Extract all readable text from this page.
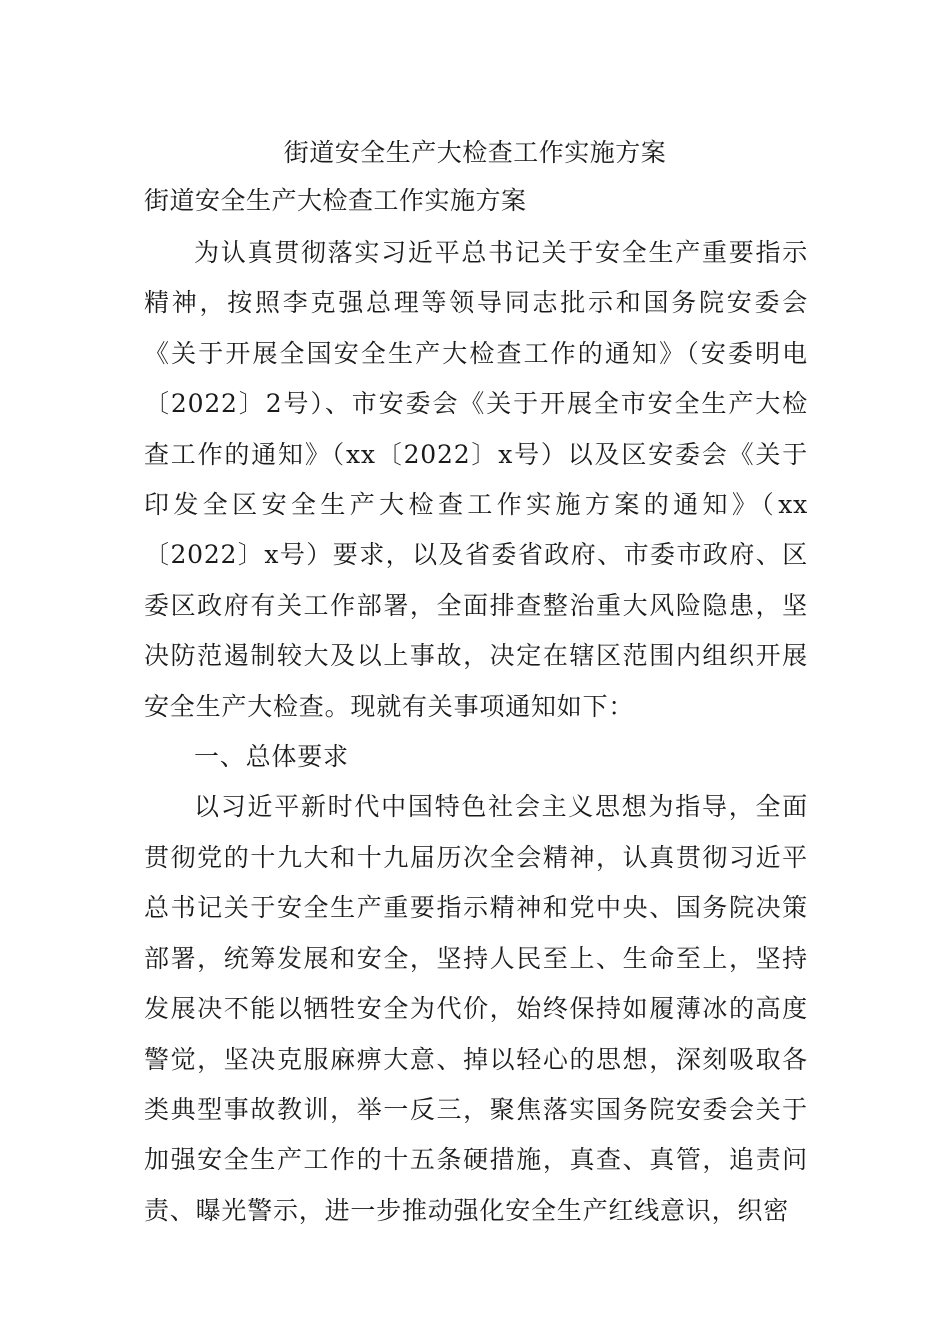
街道安全生产大检查工作实施方案
街道安全生产大检查工作实施方案

为认真贯彻落实习近平总书记关于安全生产重要指示精神，按照李克强总理等领导同志批示和国务院安委会《关于开展全国安全生产大检查工作的通知》（安委明电〔2022〕2号）、市安委会《关于开展全市安全生产大检查工作的通知》（xx〔2022〕x号）以及区安委会《关于印发全区安全生产大检查工作实施方案的通知》（xx〔2022〕x号）要求，以及省委省政府、市委市政府、区委区政府有关工作部署，全面排查整治重大风险隐患，坚决防范遏制较大及以上事故，决定在辖区范围内组织开展安全生产大检查。现就有关事项通知如下：

一、总体要求

以习近平新时代中国特色社会主义思想为指导，全面贯彻党的十九大和十九届历次全会精神，认真贯彻习近平总书记关于安全生产重要指示精神和党中央、国务院决策部署，统筹发展和安全，坚持人民至上、生命至上，坚持发展决不能以牺牲安全为代价，始终保持如履薄冰的高度警觉，坚决克服麻痹大意、掉以轻心的思想，深刻吸取各类典型事故教训，举一反三，聚焦落实国务院安委会关于加强安全生产工作的十五条硬措施，真查、真管，追责问责、曝光警示，进一步推动强化安全生产红线意识，织密
